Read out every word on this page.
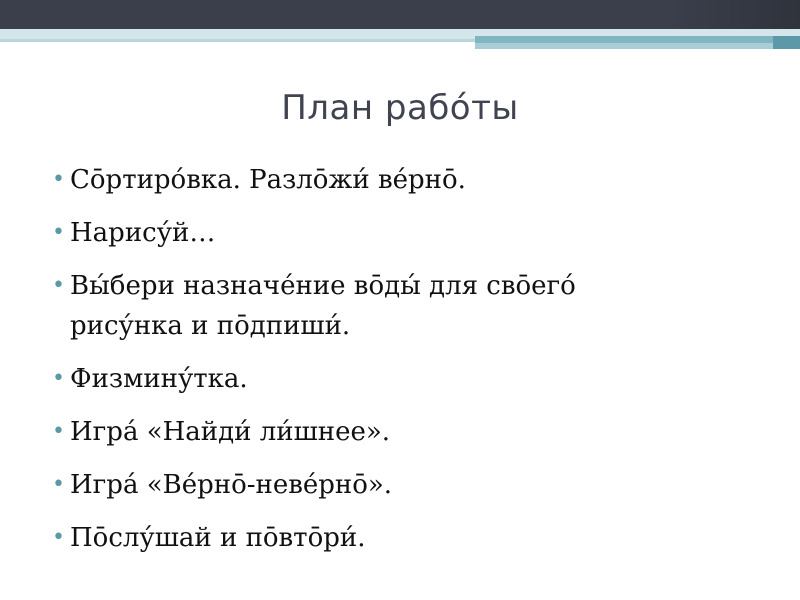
План рабо́ты
• Со̄ртиро́вка. Разло̄жи́ ве́рно̄.
• Нарису́й…
• Вы́бери назначе́ние во̄ды́ для сво̄его́
рису́нка и по̄дпиши́.
• Физмину́тка.
• Игра́ «Найди́ ли́шнее».
• Игра́ «Ве́рно̄-неве́рно̄».
• По̄слу́шай и по̄вто̄ри́.
